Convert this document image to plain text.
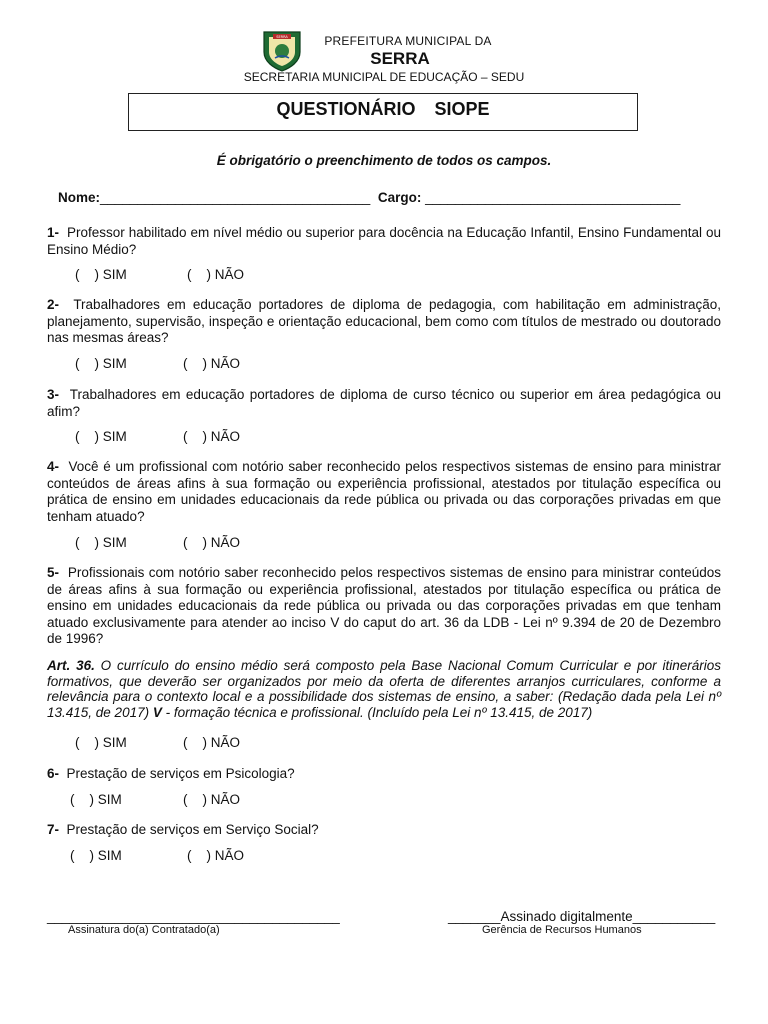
SERRA	PREFEITURA MUNICIPAL DA
SERRA
SECRETARIA MUNICIPAL DE EDUCAÇÃO – SEDU
QUESTIONÁRIO SIOPE
É obrigatório o preenchimento de todos os campos.
Nome:____________________________________ Cargo: __________________________________
1- Professor habilitado em nível médio ou superior para docência na Educação Infantil, Ensino Fundamental ou Ensino Médio?
(    ) SIM	(    ) NÃO
2- Trabalhadores em educação portadores de diploma de pedagogia, com habilitação em administração, planejamento, supervisão, inspeção e orientação educacional, bem como com títulos de mestrado ou doutorado nas mesmas áreas?
(    ) SIM	(    ) NÃO
3- Trabalhadores em educação portadores de diploma de curso técnico ou superior em área pedagógica ou afim?
(    ) SIM	(    ) NÃO
4- Você é um profissional com notório saber reconhecido pelos respectivos sistemas de ensino para ministrar conteúdos de áreas afins à sua formação ou experiência profissional, atestados por titulação específica ou prática de ensino em unidades educacionais da rede pública ou privada ou das corporações privadas em que tenham atuado?
(    ) SIM	(    ) NÃO
5- Profissionais com notório saber reconhecido pelos respectivos sistemas de ensino para ministrar conteúdos de áreas afins à sua formação ou experiência profissional, atestados por titulação específica ou prática de ensino em unidades educacionais da rede pública ou privada ou das corporações privadas em que tenham atuado exclusivamente para atender ao inciso V do caput do art. 36 da LDB - Lei nº 9.394 de 20 de Dezembro de 1996?
Art. 36. O currículo do ensino médio será composto pela Base Nacional Comum Curricular e por itinerários formativos, que deverão ser organizados por meio da oferta de diferentes arranjos curriculares, conforme a relevância para o contexto local e a possibilidade dos sistemas de ensino, a saber: (Redação dada pela Lei nº 13.415, de 2017) V - formação técnica e profissional. (Incluído pela Lei nº 13.415, de 2017)
(    ) SIM	(    ) NÃO
6- Prestação de serviços em Psicologia?
(    ) SIM	(    ) NÃO
7- Prestação de serviços em Serviço Social?
(    ) SIM	(    ) NÃO
_______________________________________
Assinatura do(a) Contratado(a)
_______Assinado digitalmente___________
Gerência de Recursos Humanos
